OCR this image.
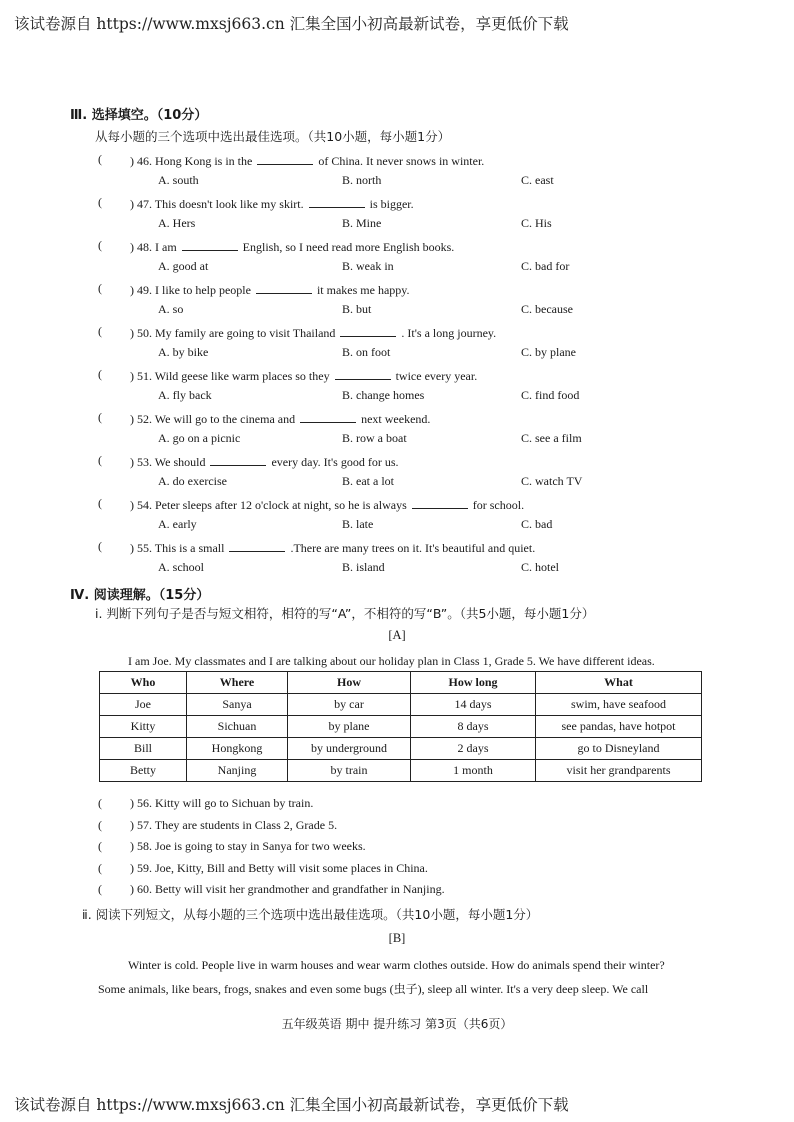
该试卷源自 https://www.mxsj663.cn 汇集全国小初高最新试卷，享更低价下载
Ⅲ. 选择填空。（10分）
从每小题的三个选项中选出最佳选项。（共10小题，每小题1分）
( ) 46. Hong Kong is in the	of China. It never snows in winter.
A. south	B. north	C. east
( ) 47. This doesn't look like my skirt.	is bigger.
A. Hers	B. Mine	C. His
( ) 48. I am	English, so I need read more English books.
A. good at	B. weak in	C. bad for
( ) 49. I like to help people	it makes me happy.
A. so	B. but	C. because
( ) 50. My family are going to visit Thailand	. It's a long journey.
A. by bike	B. on foot	C. by plane
( ) 51. Wild geese like warm places so they	twice every year.
A. fly back	B. change homes	C. find food
( ) 52. We will go to the cinema and	next weekend.
A. go on a picnic	B. row a boat	C. see a film
( ) 53. We should	every day. It's good for us.
A. do exercise	B. eat a lot	C. watch TV
( ) 54. Peter sleeps after 12 o'clock at night, so he is always	for school.
A. early	B. late	C. bad
( ) 55. This is a small	.There are many trees on it. It's beautiful and quiet.
A. school	B. island	C. hotel
Ⅳ. 阅读理解。（15分）
ⅰ. 判断下列句子是否与短文相符，相符的写“A”，不相符的写“B”。（共5小题，每小题1分）
[A]
I am Joe. My classmates and I are talking about our holiday plan in Class 1, Grade 5. We have different ideas.
Who	Where	How	How long	What
Joe	Sanya	by car	14 days	swim, have seafood
Kitty	Sichuan	by plane	8 days	see pandas, have hotpot
Bill	Hongkong	by underground	2 days	go to Disneyland
Betty	Nanjing	by train	1 month	visit her grandparents
( ) 56. Kitty will go to Sichuan by train.
( ) 57. They are students in Class 2, Grade 5.
( ) 58. Joe is going to stay in Sanya for two weeks.
( ) 59. Joe, Kitty, Bill and Betty will visit some places in China.
( ) 60. Betty will visit her grandmother and grandfather in Nanjing.
ⅱ. 阅读下列短文，从每小题的三个选项中选出最佳选项。（共10小题，每小题1分）
[B]
Winter is cold. People live in warm houses and wear warm clothes outside. How do animals spend their winter?
Some animals, like bears, frogs, snakes and even some bugs (虫子), sleep all winter. It's a very deep sleep. We call
五年级英语 期中 提升练习 第3页（共6页）
该试卷源自 https://www.mxsj663.cn 汇集全国小初高最新试卷，享更低价下载
